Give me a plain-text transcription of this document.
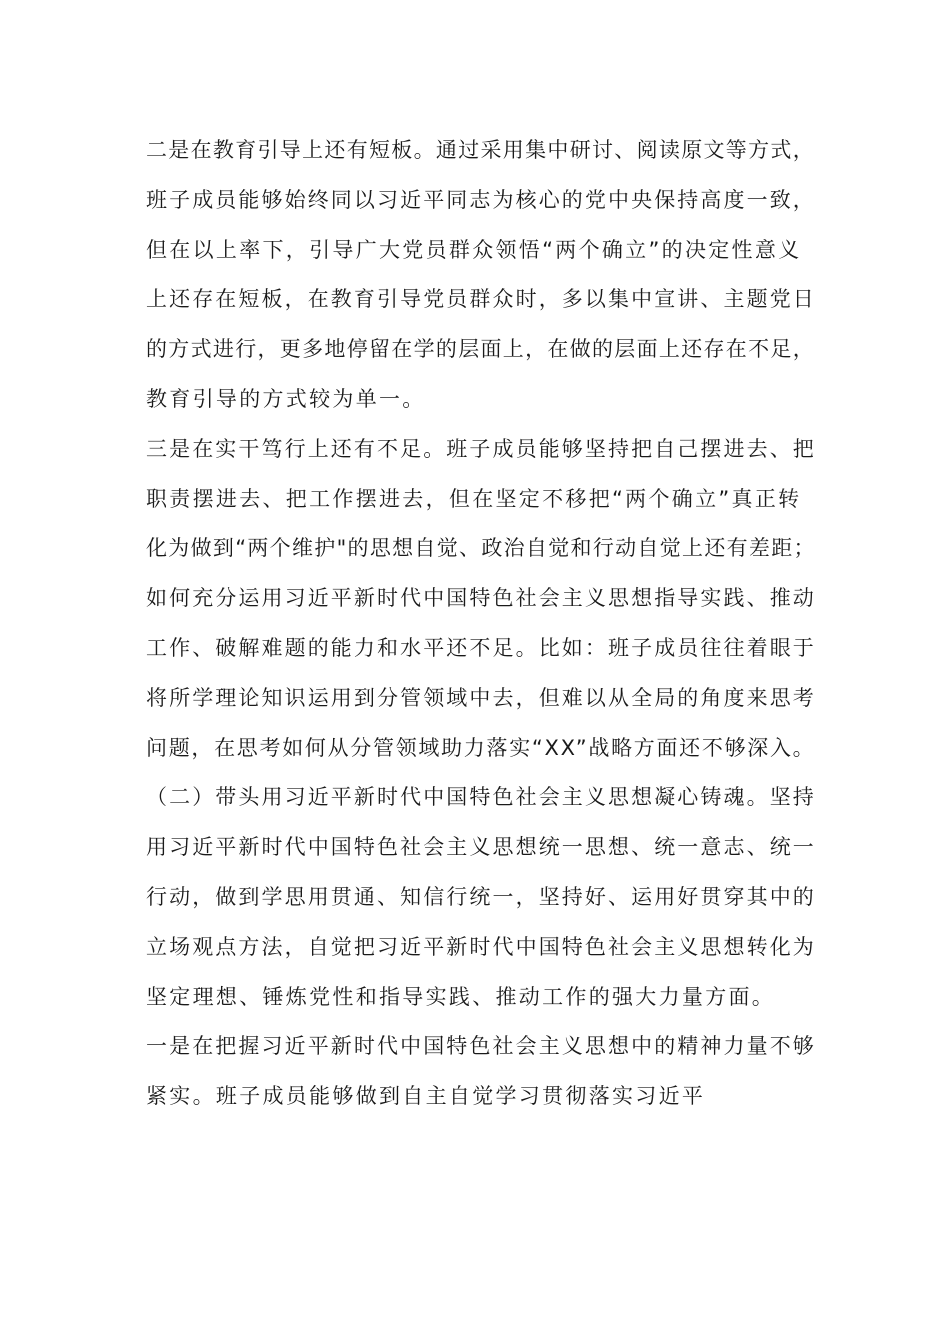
二是在教育引导上还有短板。通过采用集中研讨、阅读原文等方式，
班子成员能够始终同以习近平同志为核心的党中央保持高度一致，
但在以上率下，引导广大党员群众领悟“两个确立”的决定性意义
上还存在短板，在教育引导党员群众时，多以集中宣讲、主题党日
的方式进行，更多地停留在学的层面上，在做的层面上还存在不足，
教育引导的方式较为单一。
三是在实干笃行上还有不足。班子成员能够坚持把自己摆进去、把
职责摆进去、把工作摆进去，但在坚定不移把“两个确立”真正转
化为做到“两个维护"的思想自觉、政治自觉和行动自觉上还有差距；
如何充分运用习近平新时代中国特色社会主义思想指导实践、推动
工作、破解难题的能力和水平还不足。比如：班子成员往往着眼于
将所学理论知识运用到分管领域中去，但难以从全局的角度来思考
问题，在思考如何从分管领域助力落实“XX”战略方面还不够深入。
（二）带头用习近平新时代中国特色社会主义思想凝心铸魂。坚持
用习近平新时代中国特色社会主义思想统一思想、统一意志、统一
行动，做到学思用贯通、知信行统一，坚持好、运用好贯穿其中的
立场观点方法，自觉把习近平新时代中国特色社会主义思想转化为
坚定理想、锤炼党性和指导实践、推动工作的强大力量方面。
一是在把握习近平新时代中国特色社会主义思想中的精神力量不够
紧实。班子成员能够做到自主自觉学习贯彻落实习近平
